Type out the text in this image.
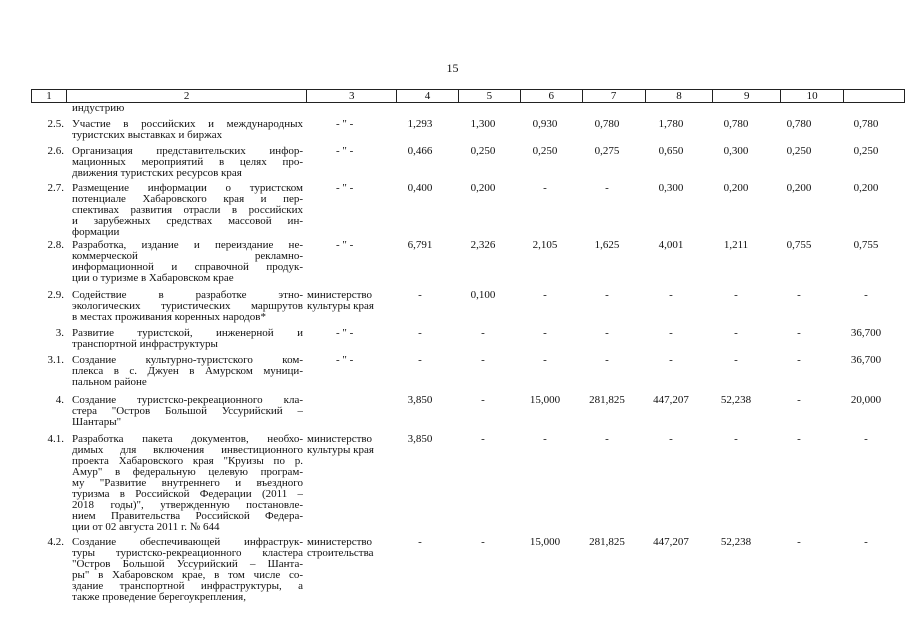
15
1	2	3	4	5	6	7	8	9	10	
индустрию
2.5. Участие в российских и международных
туристских выставках и биржах
- " -	1,293	1,300	0,930	0,780	1,780	0,780	0,780	0,780
2.6. Организация представительских инфор-
мационных мероприятий в целях про-
движения туристских ресурсов края
- " -	0,466	0,250	0,250	0,275	0,650	0,300	0,250	0,250
2.7. Размещение информации о туристском
потенциале Хабаровского края и пер-
спективах развития отрасли в российских
и зарубежных средствах массовой ин-
формации
- " -	0,400	0,200	-	-	0,300	0,200	0,200	0,200
2.8. Разработка, издание и переиздание не-
коммерческой рекламно-
информационной и справочной продук-
ции о туризме в Хабаровском крае
- " -	6,791	2,326	2,105	1,625	4,001	1,211	0,755	0,755
2.9. Содействие в разработке этно-
экологических туристических маршрутов
в местах проживания коренных народов*
министерство
культуры края
-	0,100	-	-	-	-	-	-
3. Развитие туристской, инженерной и
транспортной инфраструктуры
- " -	-	-	-	-	-	-	-	36,700
3.1. Создание культурно-туристского ком-
плекса в с. Джуен в Амурском муници-
пальном районе
- " -	-	-	-	-	-	-	-	36,700
4. Создание туристско-рекреационного кла-
стера "Остров Большой Уссурийский –
Шантары"
3,850	-	15,000	281,825	447,207	52,238	-	20,000
4.1. Разработка пакета документов, необхо-
димых для включения инвестиционного
проекта Хабаровского края "Круизы по р.
Амур" в федеральную целевую програм-
му "Развитие внутреннего и въездного
туризма в Российской Федерации (2011 –
2018 годы)", утвержденную постановле-
нием Правительства Российской Федера-
ции от 02 августа 2011 г. № 644
министерство
культуры края
3,850	-	-	-	-	-	-	-
4.2. Создание обеспечивающей инфраструк-
туры туристско-рекреационного кластера
"Остров Большой Уссурийский – Шанта-
ры" в Хабаровском крае, в том числе со-
здание транспортной инфраструктуры, а
также проведение берегоукрепления,
министерство
строительства
-	-	15,000	281,825	447,207	52,238	-	-
